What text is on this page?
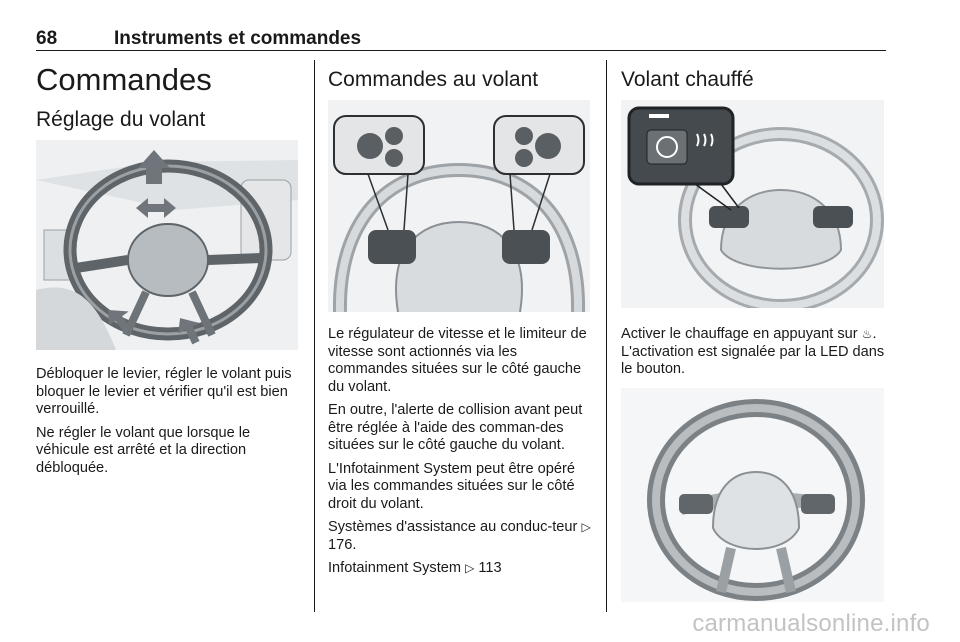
68	Instruments et commandes
Commandes
Réglage du volant

Débloquer le levier, régler le volant puis bloquer le levier et vérifier qu'il est bien verrouillé.

Ne régler le volant que lorsque le véhicule est arrêté et la direction débloquée.

Commandes au volant

Le régulateur de vitesse et le limiteur de vitesse sont actionnés via les commandes situées sur le côté gauche du volant.

En outre, l'alerte de collision avant peut être réglée à l'aide des comman‑des situées sur le côté gauche du volant.

L'Infotainment System peut être opéré via les commandes situées sur le côté droit du volant.

Systèmes d'assistance au conduc‑teur ▷ 176.

Infotainment System ▷ 113

Volant chauffé

Activer le chauffage en appuyant sur ♨. L'activation est signalée par la LED dans le bouton.

carmanualsonline.info
